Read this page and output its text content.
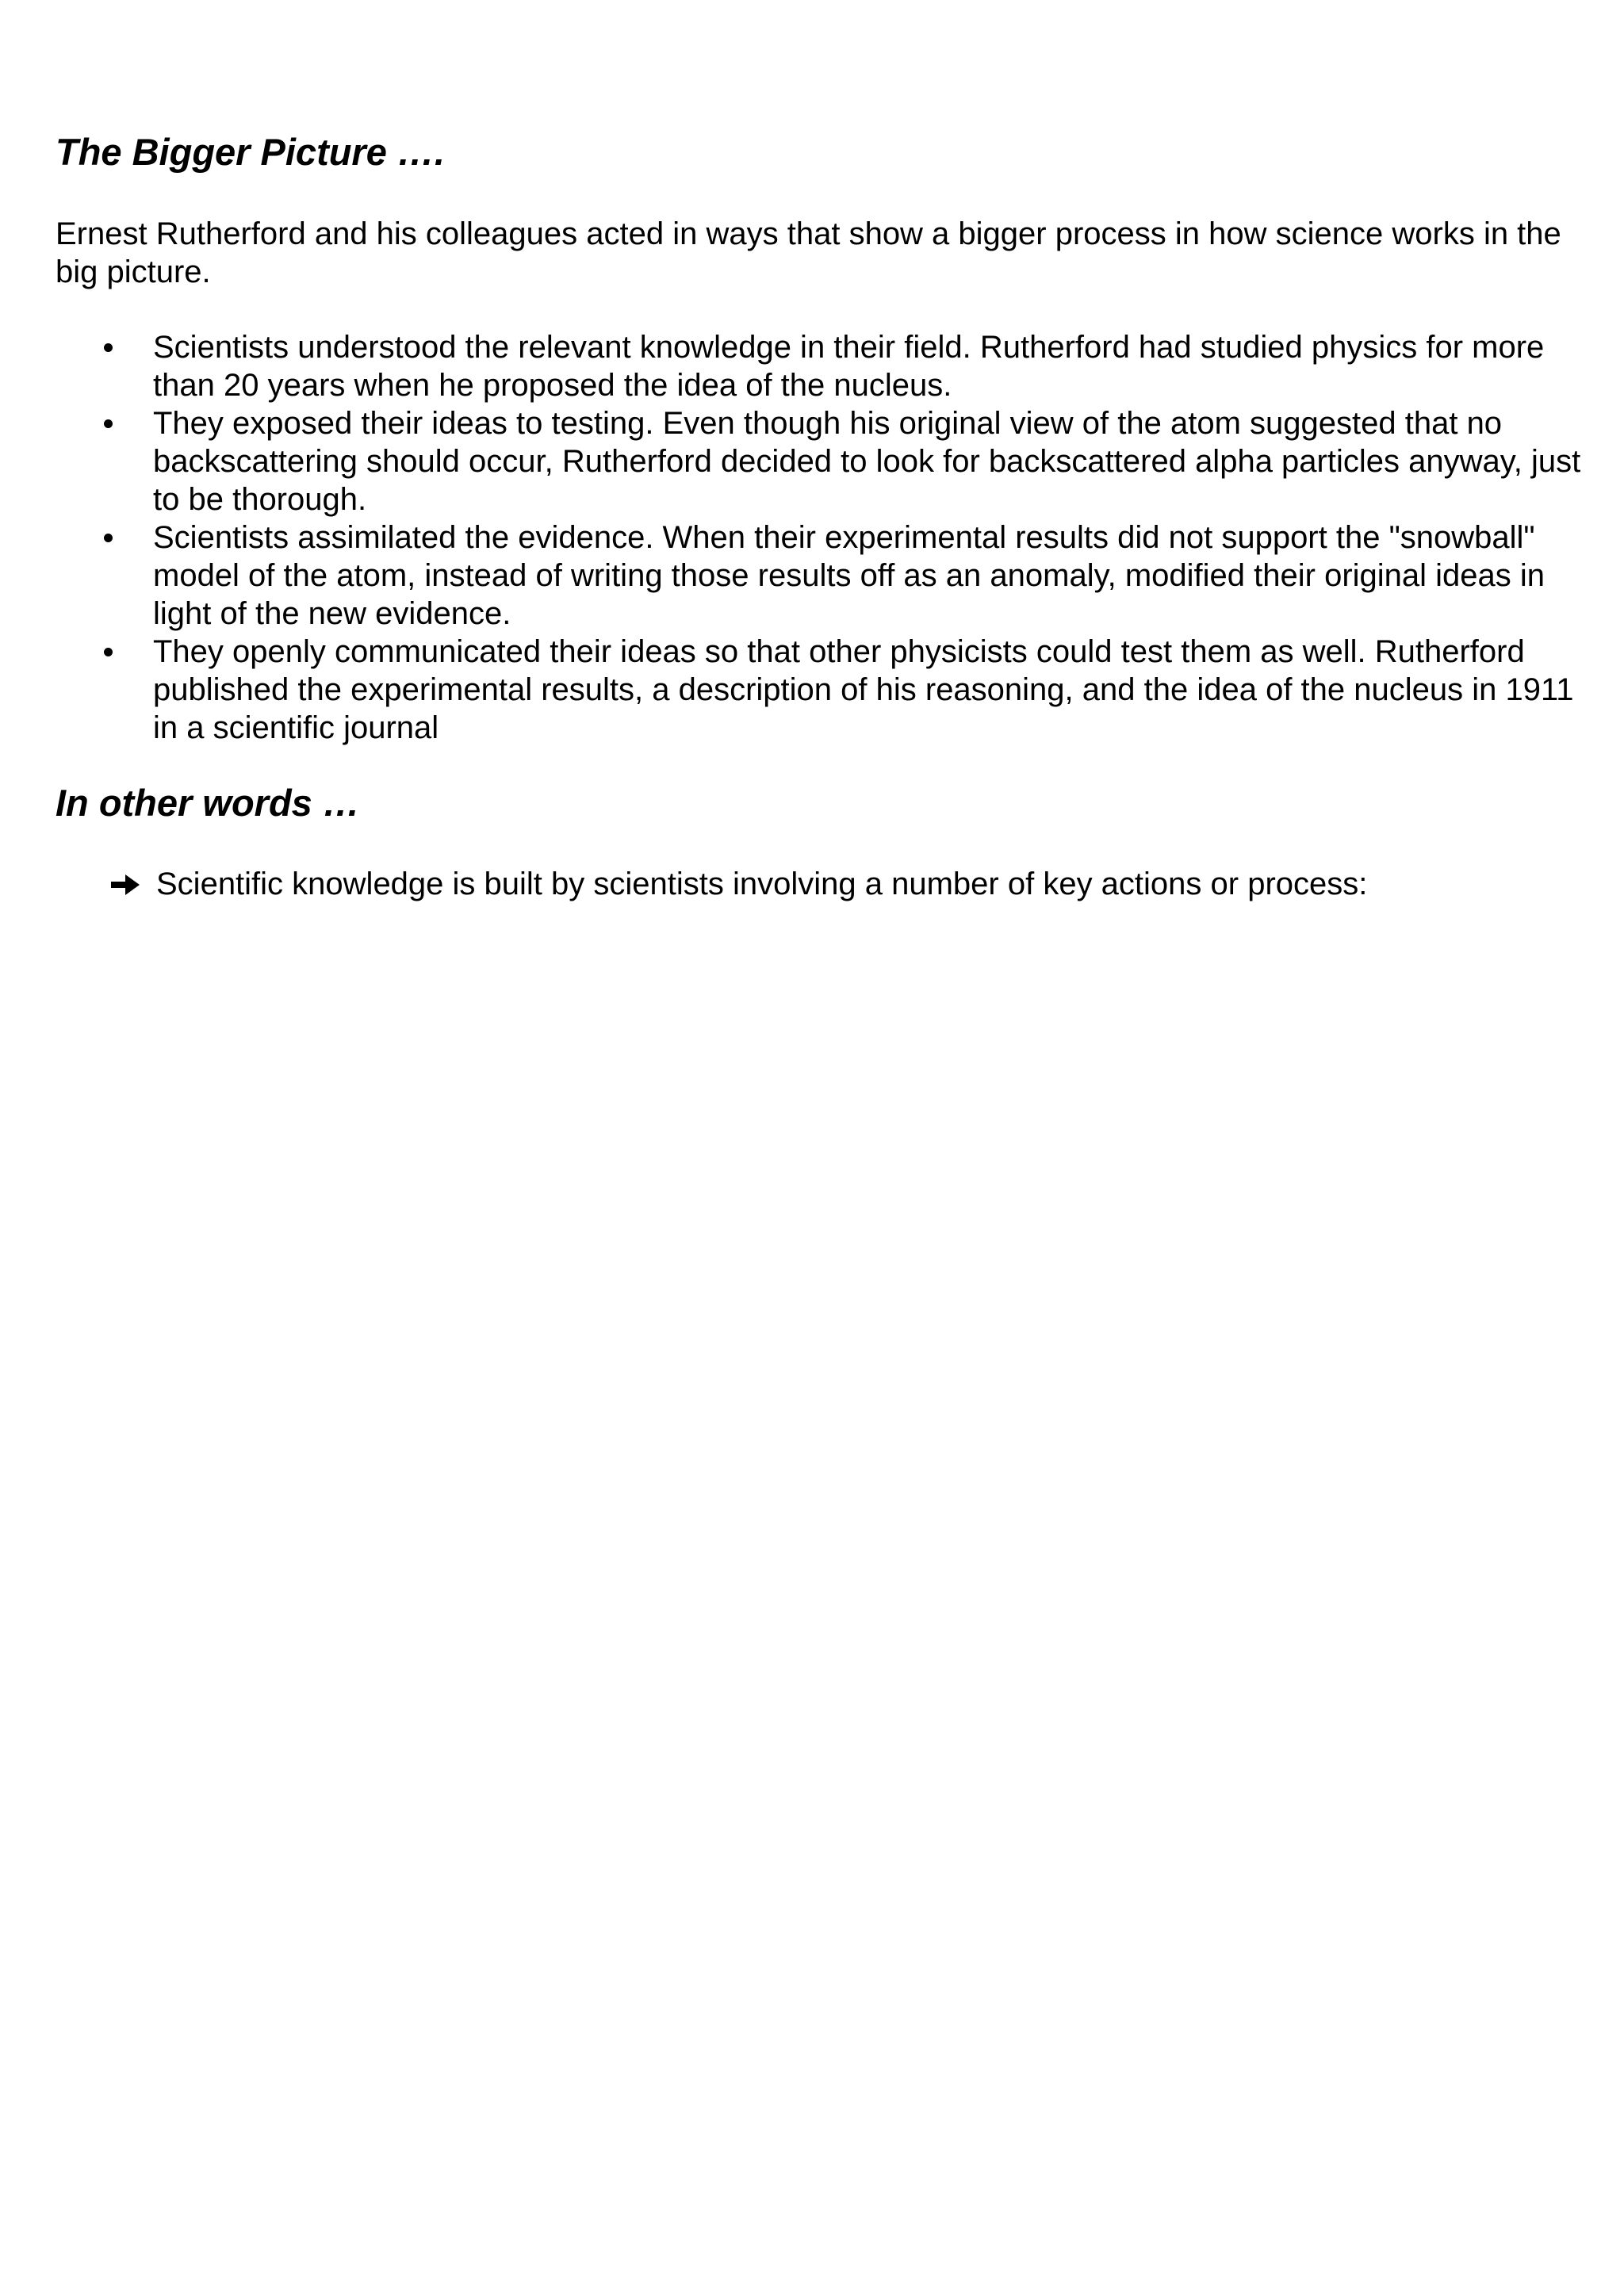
The Bigger Picture ….

Ernest Rutherford and his colleagues acted in ways that show a bigger process in how science works in the big picture.

Scientists understood the relevant knowledge in their field. Rutherford had studied physics for more than 20 years when he proposed the idea of the nucleus.
They exposed their ideas to testing. Even though his original view of the atom suggested that no backscattering should occur, Rutherford decided to look for backscattered alpha particles anyway, just to be thorough.
Scientists assimilated the evidence. When their experimental results did not support the "snowball" model of the atom, instead of writing those results off as an anomaly, modified their original ideas in light of the new evidence.
They openly communicated their ideas so that other physicists could test them as well. Rutherford published the experimental results, a description of his reasoning, and the idea of the nucleus in 1911 in a scientific journal
In other words …
Scientific knowledge is built by scientists involving a number of key actions or process:
